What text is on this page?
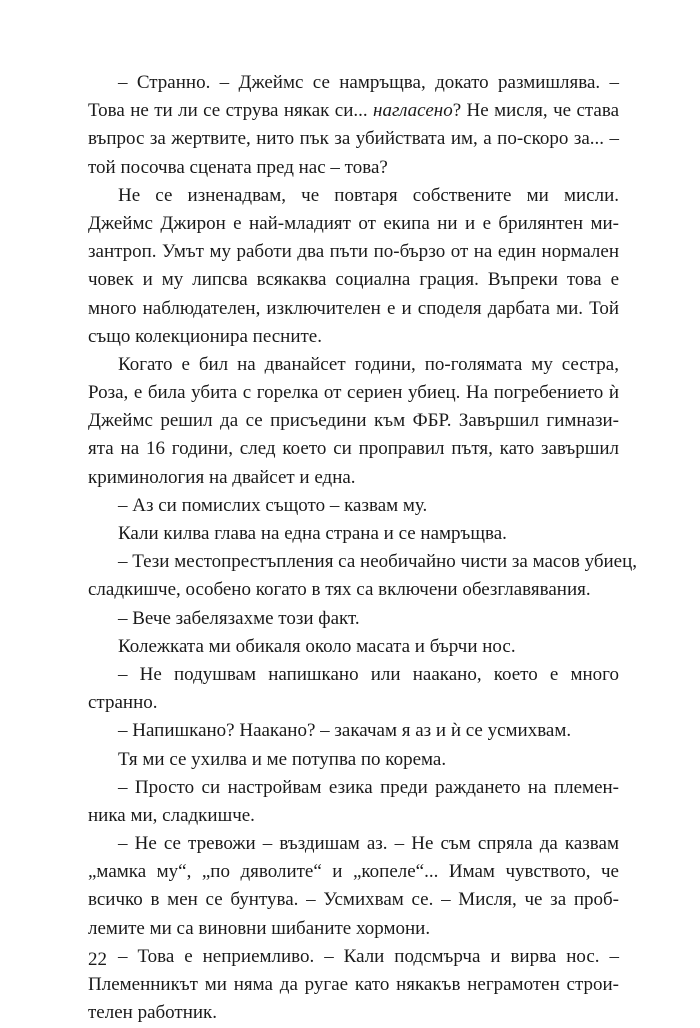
– Странно. – Джеймс се намръщва, докато размишлява. –
Това не ти ли се струва някак си... нагласено? Не мисля, че става
въпрос за жертвите, нито пък за убийствата им, а по-скоро за... –
той посочва сцената пред нас – това?
Не се изненадвам, че повтаря собствените ми мисли.
Джеймс Джирон е най-младият от екипа ни и е брилянтен ми-
зантроп. Умът му работи два пъти по-бързо от на един нормален
човек и му липсва всякаква социална грация. Въпреки това е
много наблюдателен, изключителен е и споделя дарбата ми. Той
също колекционира песните.
Когато е бил на дванайсет години, по-голямата му сестра,
Роза, е била убита с горелка от сериен убиец. На погребението ѝ
Джеймс решил да се присъедини към ФБР. Завършил гимнази-
ята на 16 години, след което си проправил пътя, като завършил
криминология на двайсет и една.
– Аз си помислих същото – казвам му.
Кали килва глава на една страна и се намръщва.
– Тези местопрестъпления са необичайно чисти за масов убиец,
сладкишче, особено когато в тях са включени обезглавявания.
– Вече забелязахме този факт.
Колежката ми обикаля около масата и бърчи нос.
– Не подушвам напишкано или наакано, което е много
странно.
– Напишкано? Наакано? – закачам я аз и ѝ се усмихвам.
Тя ми се ухилва и ме потупва по корема.
– Просто си настройвам езика преди раждането на племен-
ника ми, сладкишче.
– Не се тревожи – въздишам аз. – Не съм спряла да казвам
„мамка му“, „по дяволите“ и „копеле“... Имам чувството, че
всичко в мен се бунтува. – Усмихвам се. – Мисля, че за проб-
лемите ми са виновни шибаните хормони.
– Това е неприемливо. – Кали подсмърча и вирва нос. –
Племенникът ми няма да ругае като някакъв неграмотен строи-
телен работник.
22
